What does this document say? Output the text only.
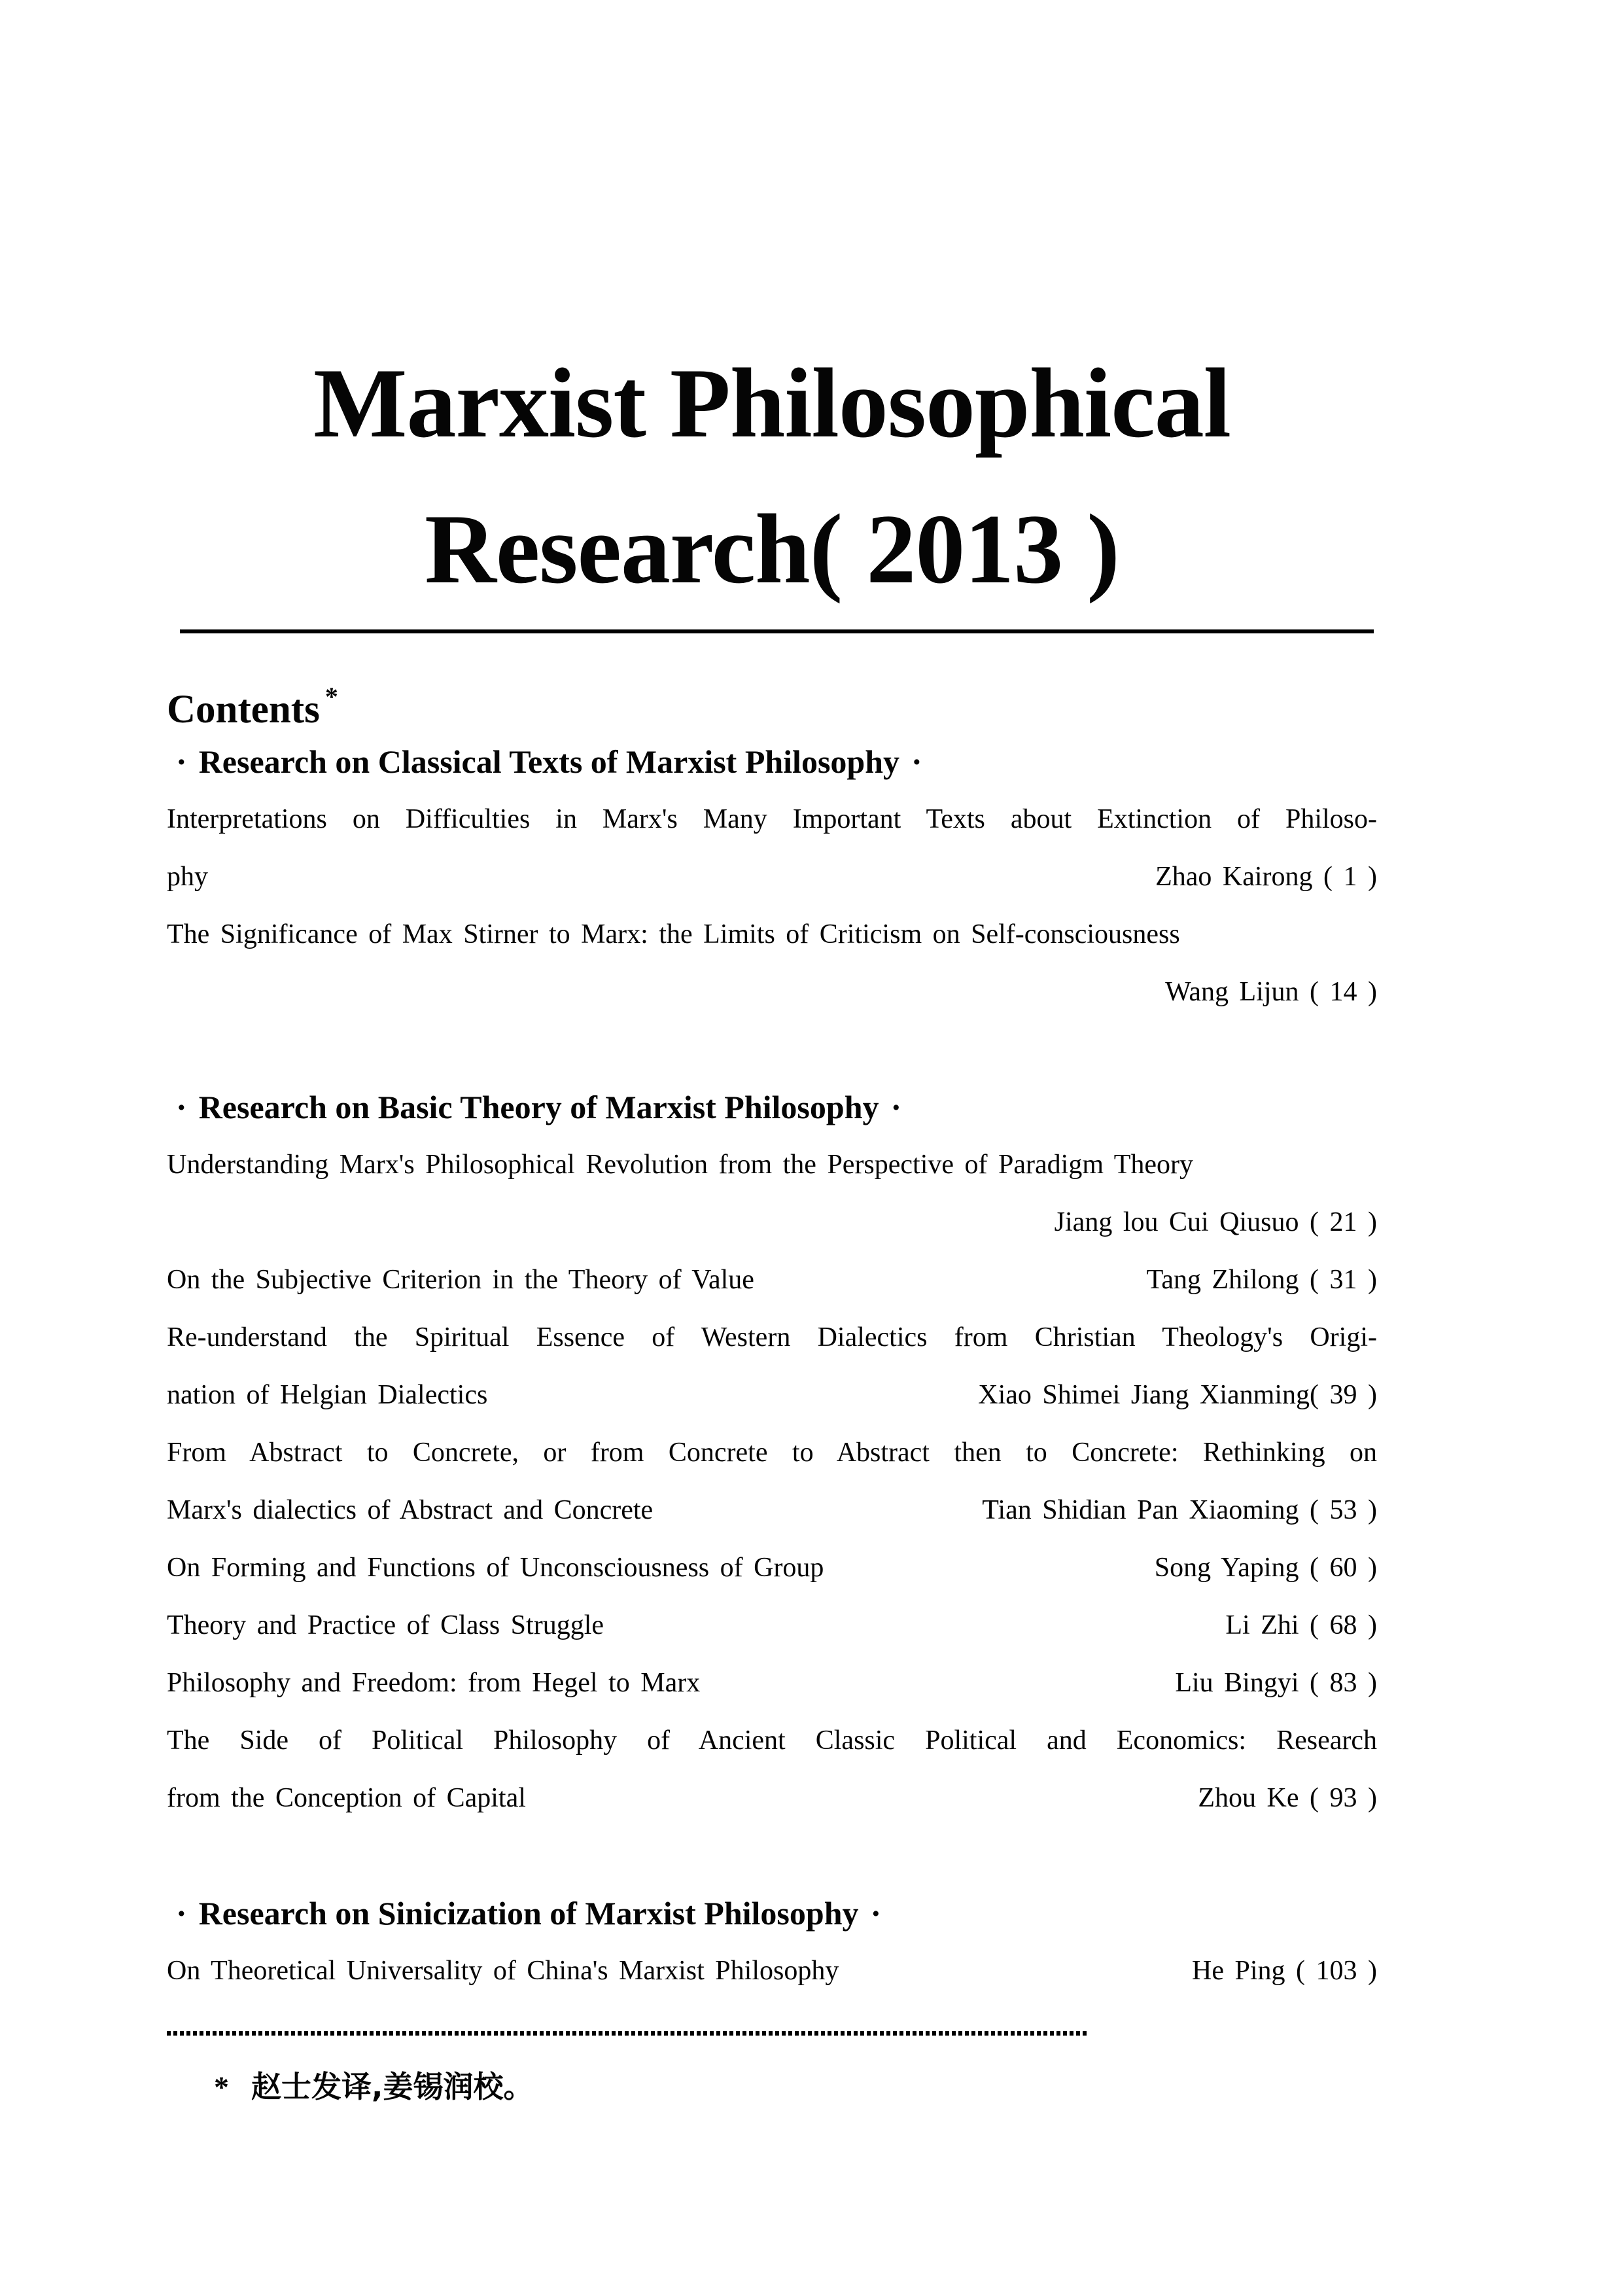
Marxist Philosophical
Research( 2013 )
Contents *
· Research on Classical Texts of Marxist Philosophy ·
Interpretations on Difficulties in Marx's Many Important Texts about Extinction of Philoso-
phy	Zhao Kairong ( 1 )
The Significance of Max Stirner to Marx: the Limits of Criticism on Self-consciousness
Wang Lijun ( 14 )
· Research on Basic Theory of Marxist Philosophy ·
Understanding Marx's Philosophical Revolution from the Perspective of Paradigm Theory
Jiang lou Cui Qiusuo ( 21 )
On the Subjective Criterion in the Theory of Value	Tang Zhilong ( 31 )
Re-understand the Spiritual Essence of Western Dialectics from Christian Theology's Origi-
nation of Helgian Dialectics	Xiao Shimei Jiang Xianming( 39 )
From Abstract to Concrete, or from Concrete to Abstract then to Concrete: Rethinking on
Marx's dialectics of Abstract and Concrete	Tian Shidian Pan Xiaoming ( 53 )
On Forming and Functions of Unconsciousness of Group	Song Yaping ( 60 )
Theory and Practice of Class Struggle	Li Zhi ( 68 )
Philosophy and Freedom: from Hegel to Marx	Liu Bingyi ( 83 )
The Side of Political Philosophy of Ancient Classic Political and Economics: Research
from the Conception of Capital	Zhou Ke ( 93 )
· Research on Sinicization of Marxist Philosophy ·
On Theoretical Universality of China's Marxist Philosophy	He Ping ( 103 )
* 赵士发译,姜锡润校。
